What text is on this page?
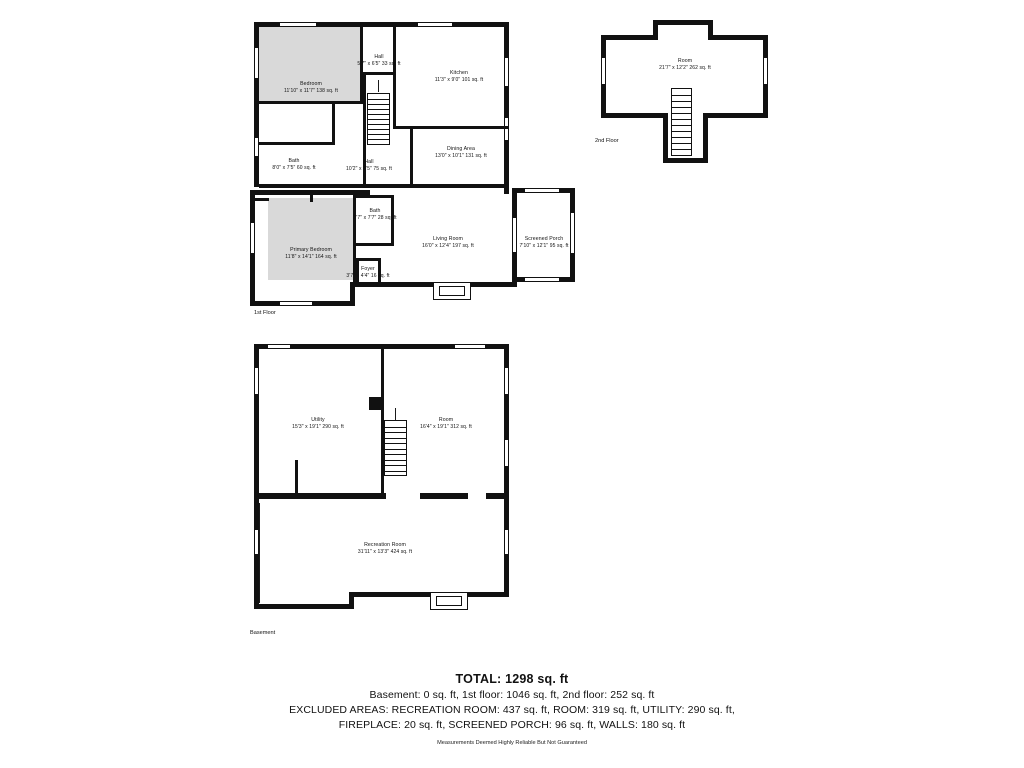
Bedroom
11'10" x 11'7" 138 sq. ft
Hall
5'7" x 6'5" 33 sq. ft
Kitchen
11'3" x 9'0" 101 sq. ft
Bath
8'0" x 7'5" 60 sq. ft
Hall
10'2" x 7'5" 75 sq. ft
Dining Area
13'0" x 10'1" 131 sq. ft
Bath
3'7" x 7'7" 28 sq. ft
Living Room
16'0" x 12'4" 197 sq. ft
Screened Porch
7'10" x 12'1" 95 sq. ft
Primary Bedroom
11'8" x 14'1" 164 sq. ft
Foyer
3'7" x 4'4" 16 sq. ft
1st Floor
Room
21'7" x 12'2" 262 sq. ft
2nd Floor
Utility
15'3" x 19'1" 290 sq. ft
Room
16'4" x 19'1" 312 sq. ft
Recreation Room
31'11" x 13'3" 424 sq. ft
Basement
TOTAL: 1298 sq. ft
Basement: 0 sq. ft, 1st floor: 1046 sq. ft, 2nd floor: 252 sq. ft
EXCLUDED AREAS: RECREATION ROOM: 437 sq. ft, ROOM: 319 sq. ft, UTILITY: 290 sq. ft,
FIREPLACE: 20 sq. ft, SCREENED PORCH: 96 sq. ft, WALLS: 180 sq. ft
Measurements Deemed Highly Reliable But Not Guaranteed
